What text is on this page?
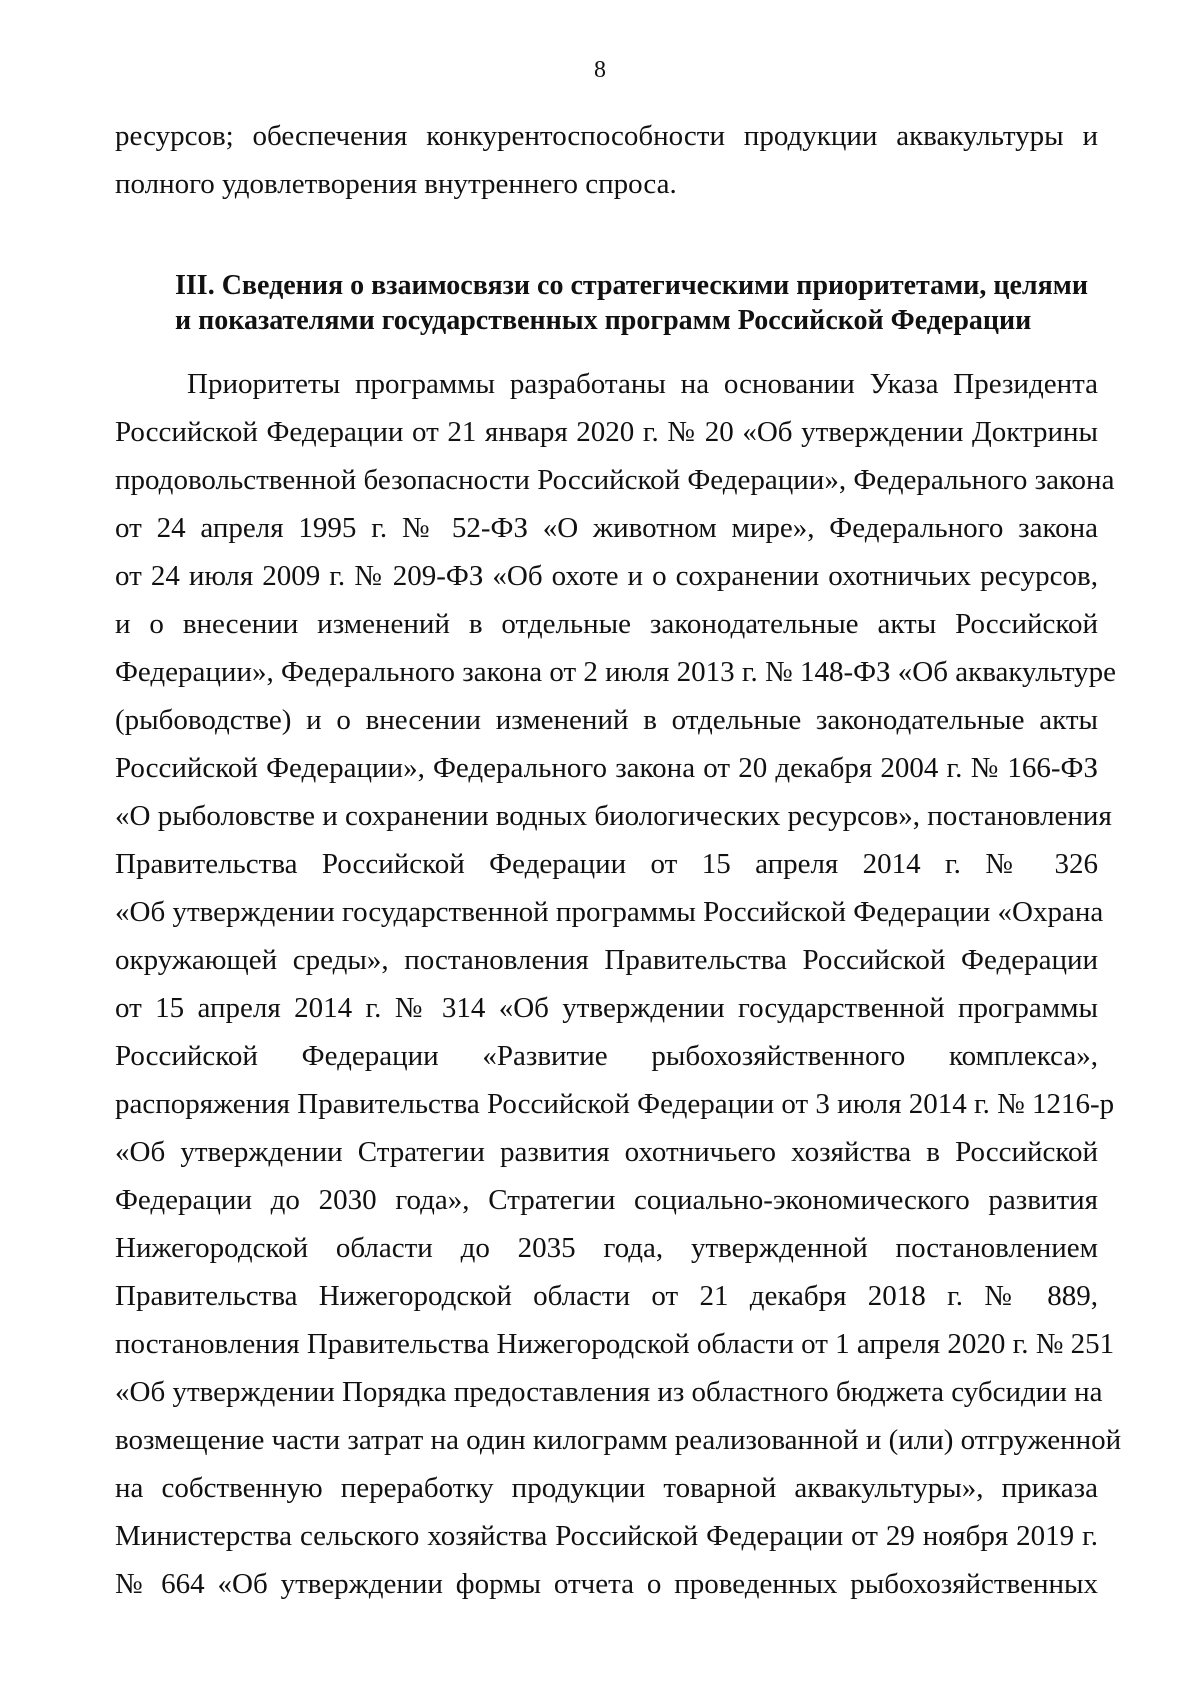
8
ресурсов; обеспечения конкурентоспособности продукции аквакультуры и
полного удовлетворения внутреннего спроса.
III. Сведения о взаимосвязи со стратегическими приоритетами, целями
и показателями государственных программ Российской Федерации
Приоритеты программы разработаны на основании Указа Президента
Российской Федерации от 21 января 2020 г. № 20 «Об утверждении Доктрины
продовольственной безопасности Российской Федерации», Федерального закона
от 24 апреля 1995 г. № 52-ФЗ «О животном мире», Федерального закона
от 24 июля 2009 г. № 209-ФЗ «Об охоте и о сохранении охотничьих ресурсов,
и о внесении изменений в отдельные законодательные акты Российской
Федерации», Федерального закона от 2 июля 2013 г. № 148-ФЗ «Об аквакультуре
(рыбоводстве) и о внесении изменений в отдельные законодательные акты
Российской Федерации», Федерального закона от 20 декабря 2004 г. № 166-ФЗ
«О рыболовстве и сохранении водных биологических ресурсов», постановления
Правительства Российской Федерации от 15 апреля 2014 г. № 326
«Об утверждении государственной программы Российской Федерации «Охрана
окружающей среды», постановления Правительства Российской Федерации
от 15 апреля 2014 г. № 314 «Об утверждении государственной программы
Российской Федерации «Развитие рыбохозяйственного комплекса»,
распоряжения Правительства Российской Федерации от 3 июля 2014 г. № 1216-р
«Об утверждении Стратегии развития охотничьего хозяйства в Российской
Федерации до 2030 года», Стратегии социально-экономического развития
Нижегородской области до 2035 года, утвержденной постановлением
Правительства Нижегородской области от 21 декабря 2018 г. № 889,
постановления Правительства Нижегородской области от 1 апреля 2020 г. № 251
«Об утверждении Порядка предоставления из областного бюджета субсидии на
возмещение части затрат на один килограмм реализованной и (или) отгруженной
на собственную переработку продукции товарной аквакультуры», приказа
Министерства сельского хозяйства Российской Федерации от 29 ноября 2019 г.
№ 664 «Об утверждении формы отчета о проведенных рыбохозяйственных
